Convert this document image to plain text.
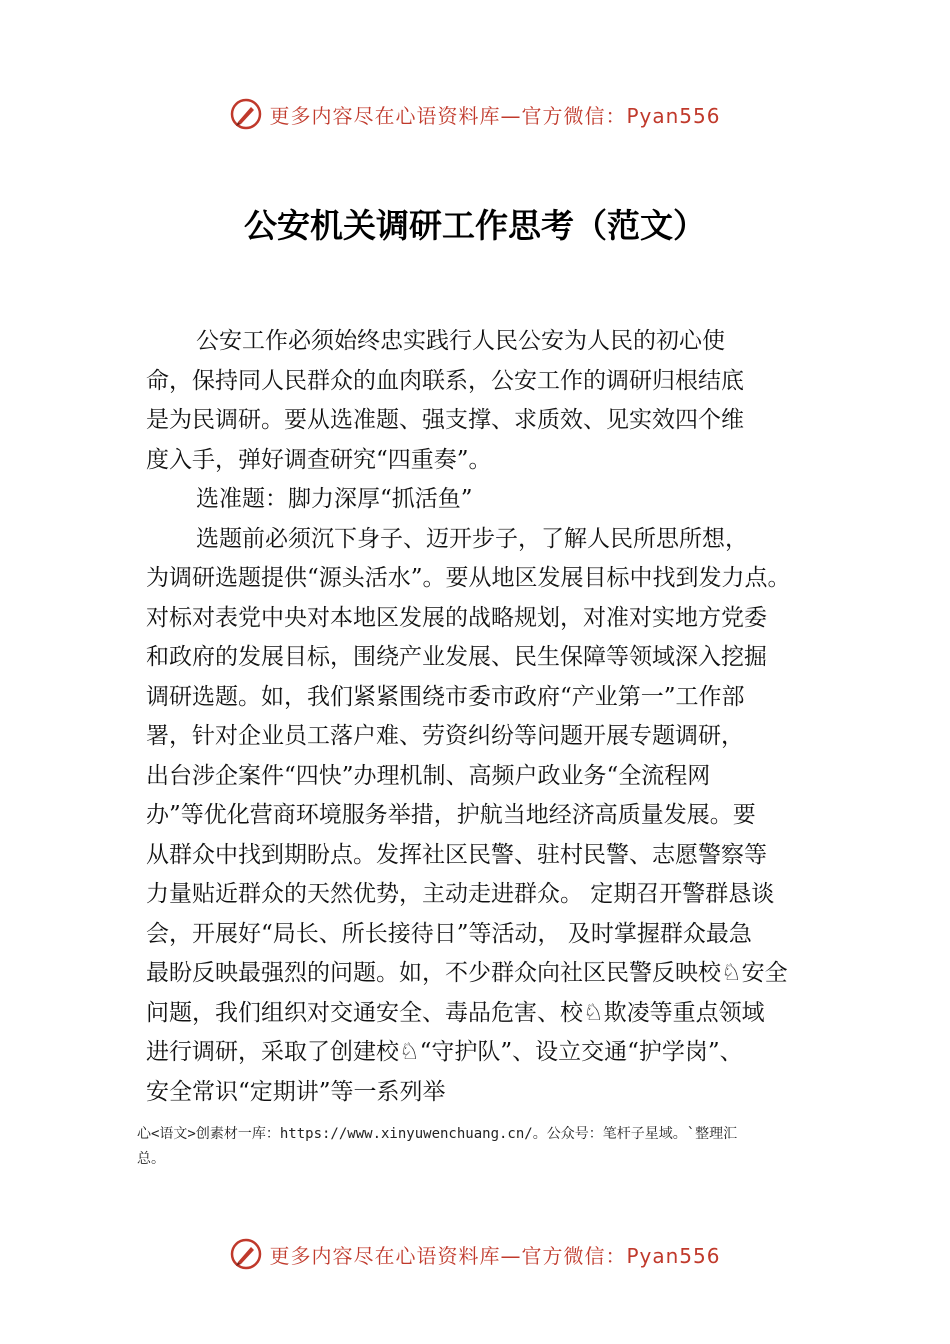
更多内容尽在心语资料库—官方微信：Pyan556
公安机关调研工作思考（范文）
公安工作必须始终忠实践行人民公安为人民的初心使
命，保持同人民群众的血肉联系，公安工作的调研归根结底
是为民调研。要从选准题、强支撑、求质效、见实效四个维
度入手，弹好调查研究“四重奏”。
选准题：脚力深厚“抓活鱼”
选题前必须沉下身子、迈开步子，了解人民所思所想，
为调研选题提供“源头活水”。要从地区发展目标中找到发力点。
对标对表党中央对本地区发展的战略规划，对准对实地方党委
和政府的发展目标，围绕产业发展、民生保障等领域深入挖掘
调研选题。如，我们紧紧围绕市委市政府“产业第一”工作部
署，针对企业员工落户难、劳资纠纷等问题开展专题调研，
出台涉企案件“四快”办理机制、高频户政业务“全流程网
办”等优化营商环境服务举措，护航当地经济高质量发展。要
从群众中找到期盼点。发挥社区民警、驻村民警、志愿警察等
力量贴近群众的天然优势，主动走进群众。 定期召开警群恳谈
会，开展好“局长、所长接待日”等活动， 及时掌握群众最急
最盼反映最强烈的问题。如，不少群众向社区民警反映校♘安全
问题，我们组织对交通安全、毒品危害、校♘欺凌等重点领域
进行调研，采取了创建校♘“守护队”、设立交通“护学岗”、
安全常识“定期讲”等一系列举
心<语文>创素材一库：https://www.xinyuwenchuang.cn/。公众号：笔杆子星域。`整理汇
总。
更多内容尽在心语资料库—官方微信：Pyan556
